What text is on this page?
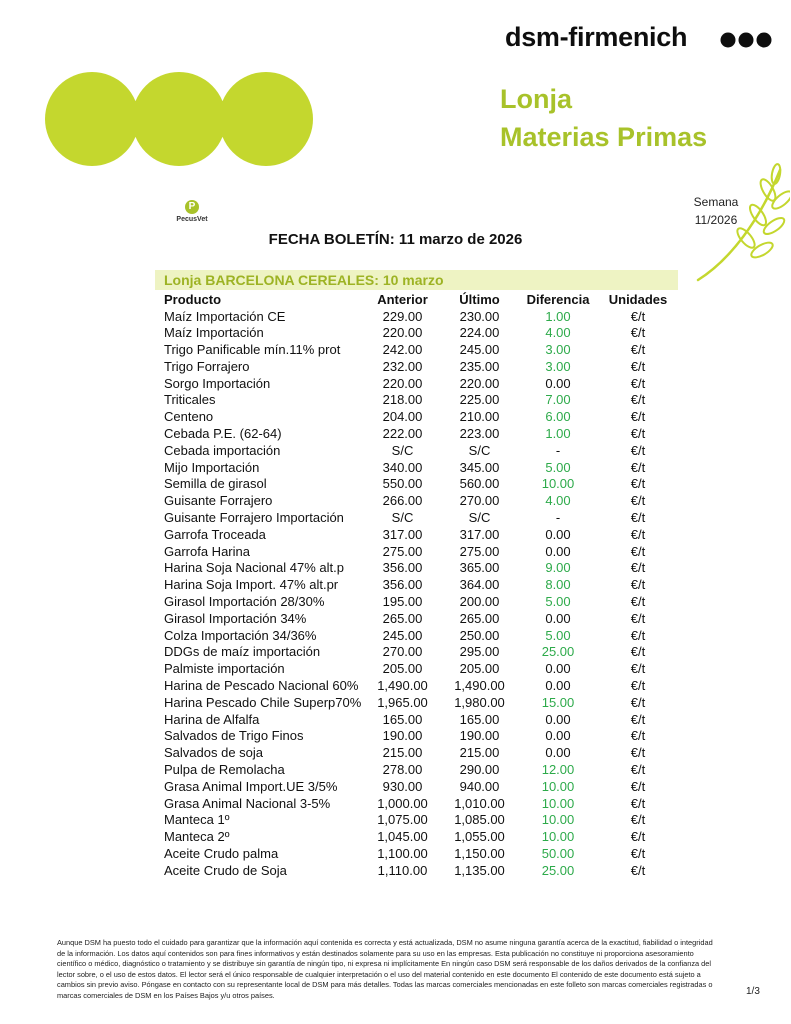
dsm-firmenich
Lonja
Materias Primas
Semana
11/2026
P
PecusVet
FECHA BOLETÍN: 11 marzo de 2026
Lonja BARCELONA CEREALES: 10 marzo
Producto	Anterior	Último	Diferencia	Unidades
Maíz Importación CE	229.00	230.00	1.00	€/t
Maíz Importación	220.00	224.00	4.00	€/t
Trigo Panificable mín.11% prot	242.00	245.00	3.00	€/t
Trigo Forrajero	232.00	235.00	3.00	€/t
Sorgo Importación	220.00	220.00	0.00	€/t
Triticales	218.00	225.00	7.00	€/t
Centeno	204.00	210.00	6.00	€/t
Cebada P.E. (62-64)	222.00	223.00	1.00	€/t
Cebada importación	S/C	S/C	-	€/t
Mijo Importación	340.00	345.00	5.00	€/t
Semilla de girasol	550.00	560.00	10.00	€/t
Guisante Forrajero	266.00	270.00	4.00	€/t
Guisante Forrajero Importación	S/C	S/C	-	€/t
Garrofa Troceada	317.00	317.00	0.00	€/t
Garrofa Harina	275.00	275.00	0.00	€/t
Harina Soja Nacional 47% alt.p	356.00	365.00	9.00	€/t
Harina Soja Import. 47% alt.pr	356.00	364.00	8.00	€/t
Girasol Importación 28/30%	195.00	200.00	5.00	€/t
Girasol Importación 34%	265.00	265.00	0.00	€/t
Colza Importación 34/36%	245.00	250.00	5.00	€/t
DDGs de maíz importación	270.00	295.00	25.00	€/t
Palmiste importación	205.00	205.00	0.00	€/t
Harina de Pescado Nacional 60%	1,490.00	1,490.00	0.00	€/t
Harina Pescado Chile Superp70%	1,965.00	1,980.00	15.00	€/t
Harina de Alfalfa	165.00	165.00	0.00	€/t
Salvados de Trigo Finos	190.00	190.00	0.00	€/t
Salvados de soja	215.00	215.00	0.00	€/t
Pulpa de Remolacha	278.00	290.00	12.00	€/t
Grasa Animal Import.UE 3/5%	930.00	940.00	10.00	€/t
Grasa Animal Nacional 3-5%	1,000.00	1,010.00	10.00	€/t
Manteca 1º	1,075.00	1,085.00	10.00	€/t
Manteca 2º	1,045.00	1,055.00	10.00	€/t
Aceite Crudo palma	1,100.00	1,150.00	50.00	€/t
Aceite Crudo de Soja	1,110.00	1,135.00	25.00	€/t
Aunque DSM ha puesto todo el cuidado para garantizar que la información aquí contenida es correcta y está actualizada, DSM no asume ninguna garantía acerca de la exactitud, fiabilidad o integridad de la información. Los datos aquí contenidos son para fines informativos y están destinados solamente para su uso en las empresas. Esta publicación no constituye ni proporciona asesoramiento científico o médico, diagnóstico o tratamiento y se distribuye sin garantía de ningún tipo, ni expresa ni implícitamente En ningún caso DSM será responsable de los daños derivados de la confianza del lector sobre, o el uso de estos datos. El lector será el único responsable de cualquier interpretación o el uso del material contenido en este documento El contenido de este documento está sujeto a cambios sin previo aviso. Póngase en contacto con su representante local de DSM para más detalles. Todas las marcas comerciales mencionadas en este folleto son marcas comerciales registradas o marcas comerciales de DSM en los Países Bajos y/u otros países.	1/3
